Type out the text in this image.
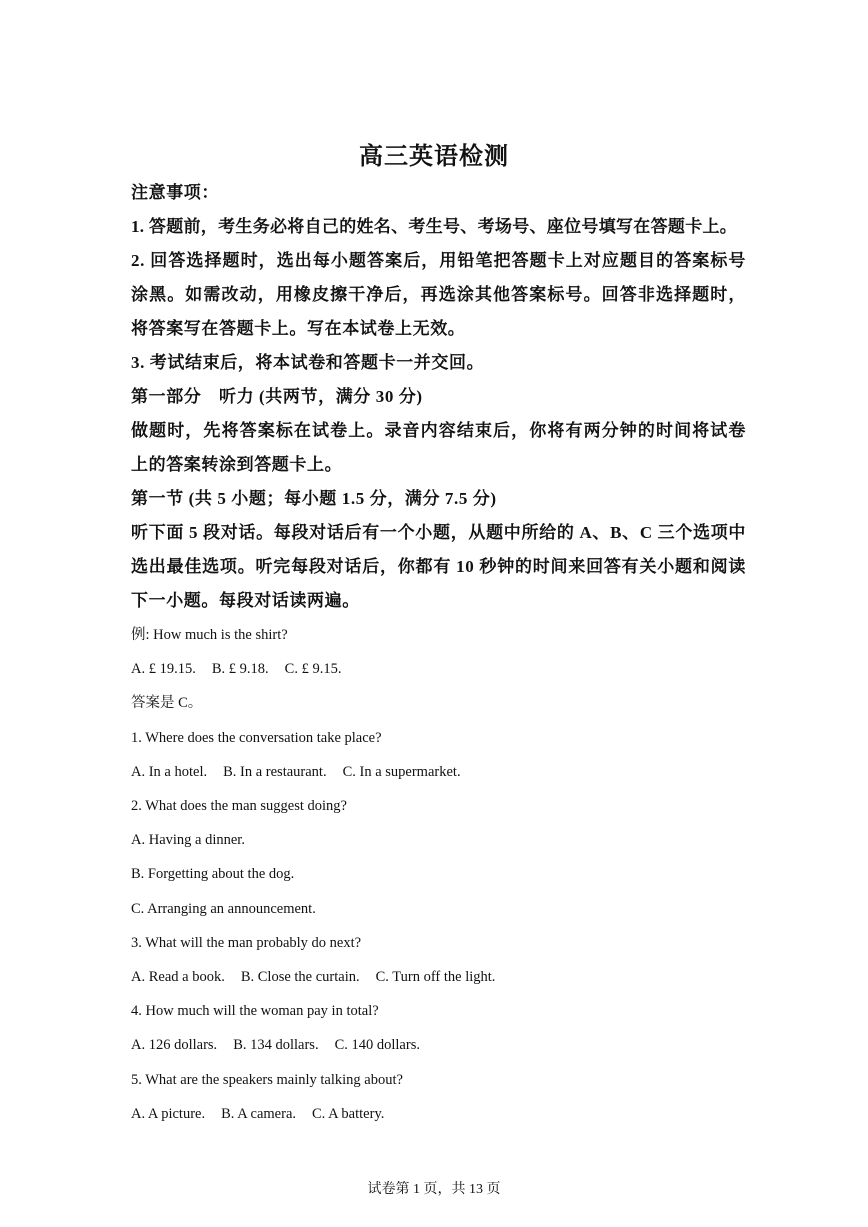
高三英语检测
注意事项：
1. 答题前，考生务必将自己的姓名、考生号、考场号、座位号填写在答题卡上。
2. 回答选择题时，选出每小题答案后，用铅笔把答题卡上对应题目的答案标号涂黑。如需改动，用橡皮擦干净后，再选涂其他答案标号。回答非选择题时，将答案写在答题卡上。写在本试卷上无效。
3. 考试结束后，将本试卷和答题卡一并交回。
第一部分　听力 (共两节，满分 30 分)
做题时，先将答案标在试卷上。录音内容结束后，你将有两分钟的时间将试卷上的答案转涂到答题卡上。
第一节 (共 5 小题；每小题 1.5 分，满分 7.5 分)
听下面 5 段对话。每段对话后有一个小题，从题中所给的 A、B、C 三个选项中选出最佳选项。听完每段对话后，你都有 10 秒钟的时间来回答有关小题和阅读下一小题。每段对话读两遍。
例: How much is the shirt?
A. £ 19.15. B. £ 9.18. C. £ 9.15.
答案是 C。
1. Where does the conversation take place?
A. In a hotel. B. In a restaurant. C. In a supermarket.
2. What does the man suggest doing?
A. Having a dinner.
B. Forgetting about the dog.
C. Arranging an announcement.
3. What will the man probably do next?
A. Read a book. B. Close the curtain. C. Turn off the light.
4. How much will the woman pay in total?
A. 126 dollars. B. 134 dollars. C. 140 dollars.
5. What are the speakers mainly talking about?
A. A picture. B. A camera. C. A battery.
试卷第 1 页，共 13 页
